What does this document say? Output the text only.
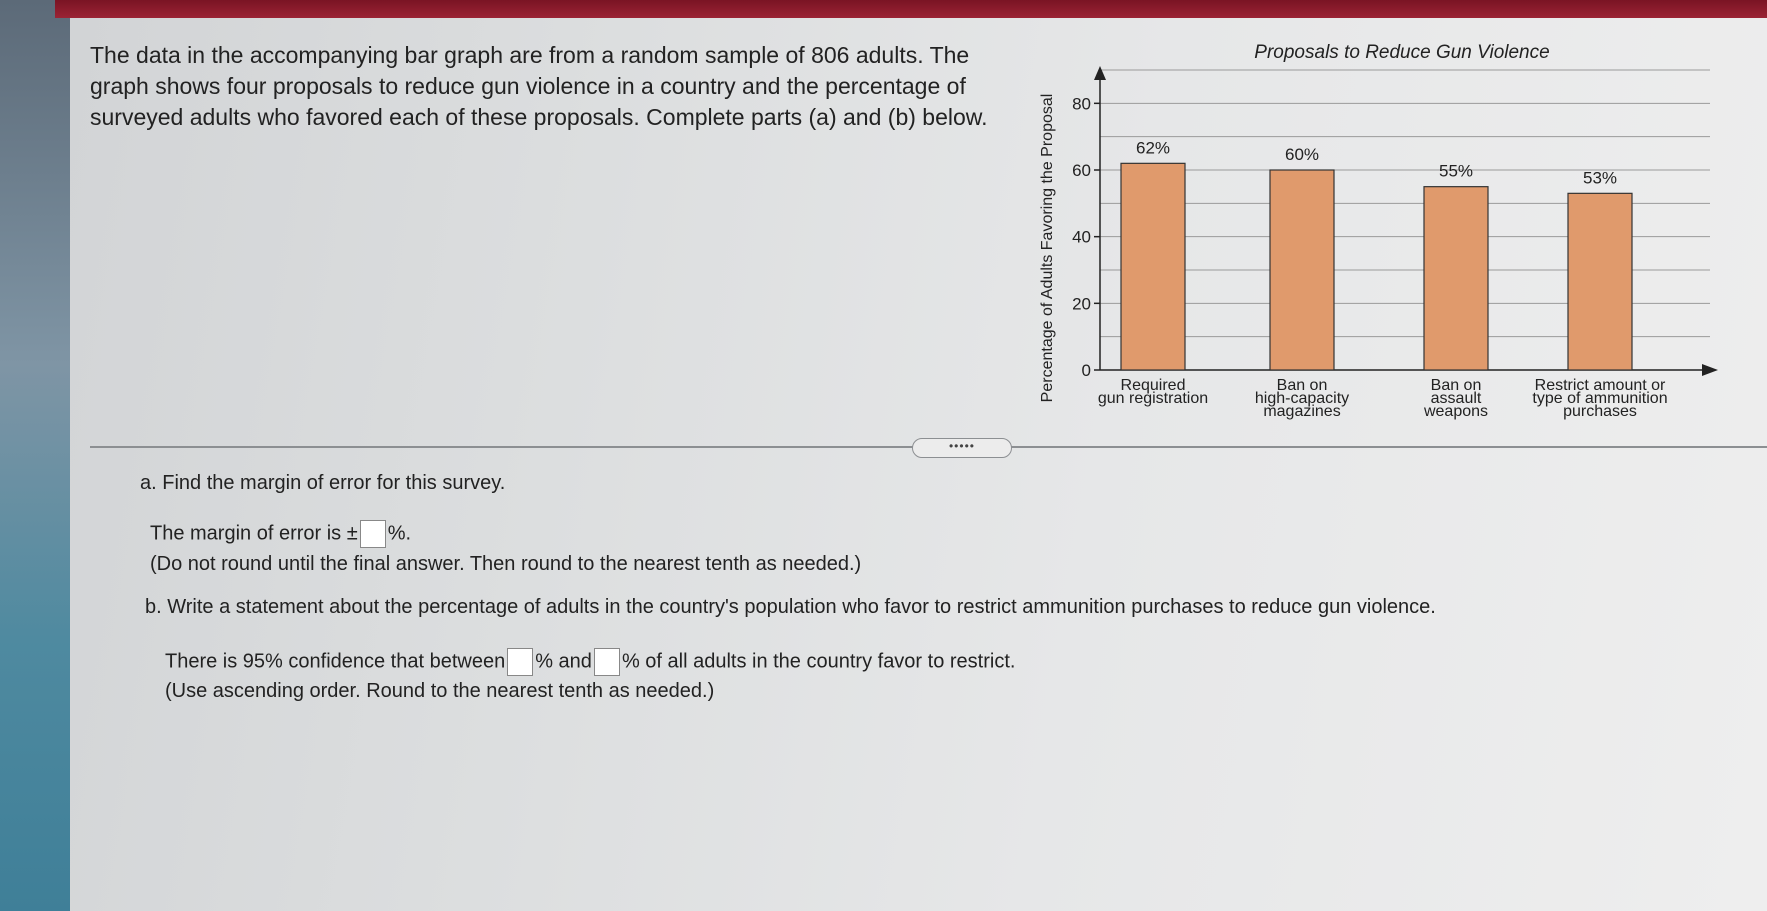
The data in the accompanying bar graph are from a random sample of 806 adults. The graph shows four proposals to reduce gun violence in a country and the percentage of surveyed adults who favored each of these proposals. Complete parts (a) and (b) below.
Proposals to Reduce Gun Violence
Percentage of Adults Favoring the Proposal 0
20
40
60
80
62%	60%
55%	53%
Required
gun registration
Ban on
high-capacity
magazines
Ban on
assault
weapons
Restrict amount or
type of ammunition
purchases
•••••
a. Find the margin of error for this survey.
The margin of error is ± %.
(Do not round until the final answer. Then round to the nearest tenth as needed.)
b. Write a statement about the percentage of adults in the country's population who favor to restrict ammunition purchases to reduce gun violence.
There is 95% confidence that between % and % of all adults in the country favor to restrict.
(Use ascending order. Round to the nearest tenth as needed.)
